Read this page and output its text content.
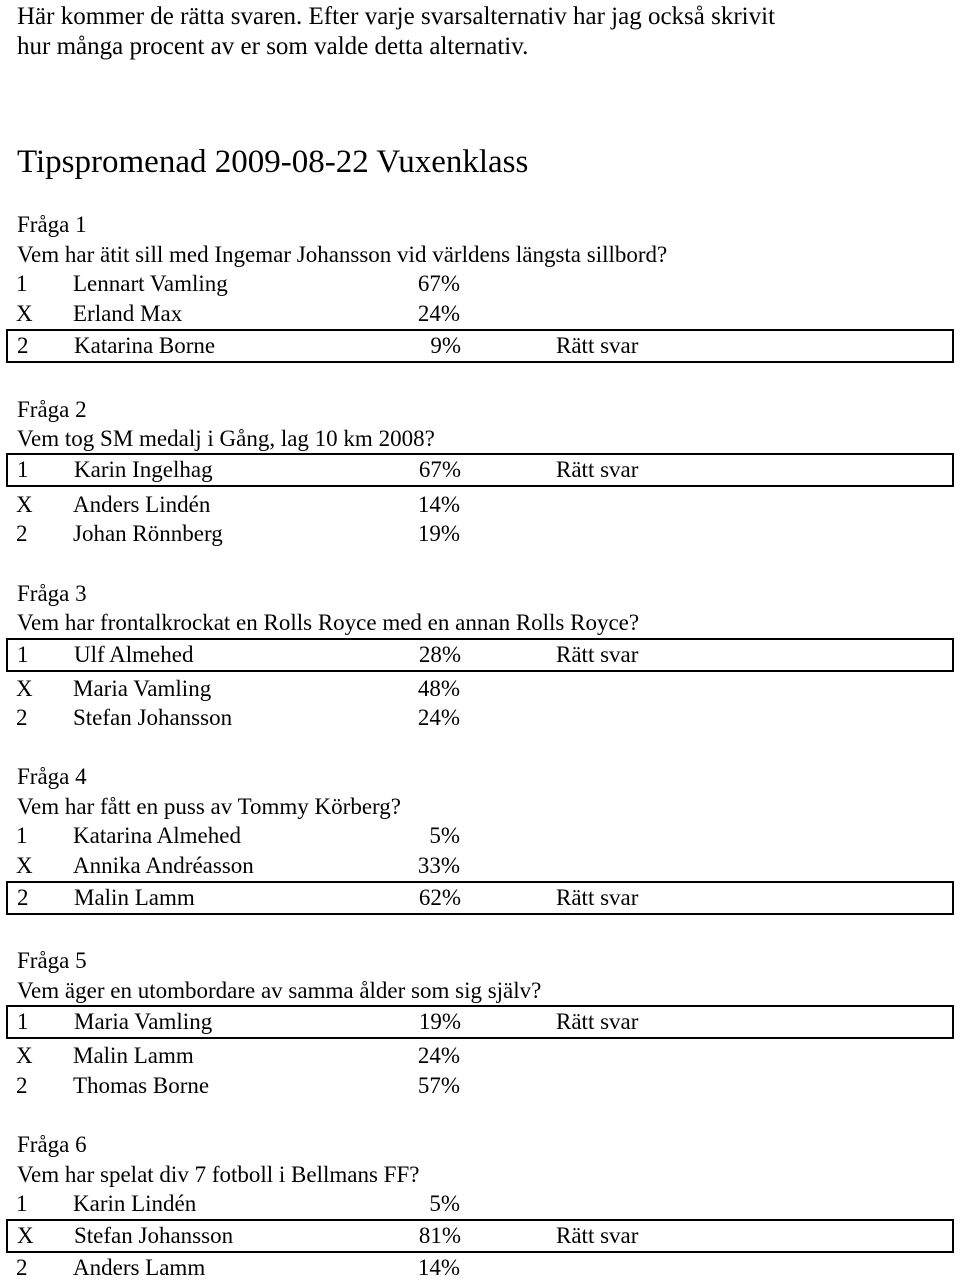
Här kommer de rätta svaren. Efter varje svarsalternativ har jag också skrivit
hur många procent av er som valde detta alternativ.
Tipspromenad 2009-08-22 Vuxenklass
Fråga 1
Vem har ätit sill med Ingemar Johansson vid världens längsta sillbord?
1 Lennart Vamling	67%
X Erland Max	24%
2 Katarina Borne	9%	Rätt svar
Fråga 2
Vem tog SM medalj i Gång, lag 10 km 2008?
1 Karin Ingelhag	67%	Rätt svar
X Anders Lindén	14%
2 Johan Rönnberg	19%
Fråga 3
Vem har frontalkrockat en Rolls Royce med en annan Rolls Royce?
1 Ulf Almehed	28%	Rätt svar
X Maria Vamling	48%
2 Stefan Johansson	24%
Fråga 4
Vem har fått en puss av Tommy Körberg?
1 Katarina Almehed	5%
X Annika Andréasson	33%
2 Malin Lamm	62%	Rätt svar
Fråga 5
Vem äger en utombordare av samma ålder som sig själv?
1 Maria Vamling	19%	Rätt svar
X Malin Lamm	24%
2 Thomas Borne	57%
Fråga 6
Vem har spelat div 7 fotboll i Bellmans FF?
1 Karin Lindén	5%
X Stefan Johansson	81%	Rätt svar
2 Anders Lamm	14%
